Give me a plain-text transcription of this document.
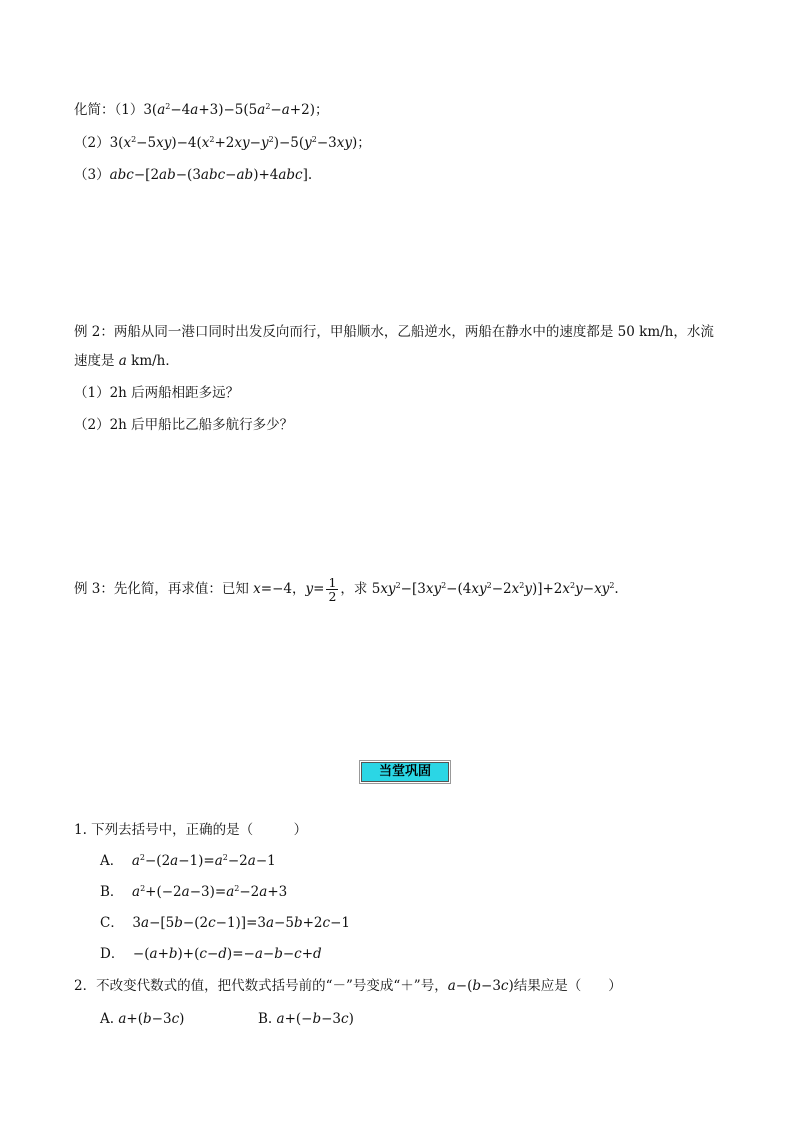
化简：$(1)3(a^2-4a+3)-5(5a^2-a+2)$；
$(2)3(x^2-5xy)-4(x^2+2xy-y^2)-5(y^2-3xy)$；
（3）abc−[2ab−(3abc−ab)+4abc].
例 2：两船从同一港口同时出发反向而行，甲船顺水，乙船逆水，两船在静水中的速度都是 50 km/h，水流
速度是 a km/h．
（1）2h 后两船相距多远？
（2）2h 后甲船比乙船多航行多少？
例 3：先化简，再求值：已知 x=−4，$y= \frac{1}{2}$ ，求 $5xy^2-[3xy^2-(4xy^2-2x^2y)]+2x^2y-xy^2$.
当堂巩固
1. 下列去括号中，正确的是（　　　）
A． $a^2-(2a-1)=a^2-2a-1$
B． $a^2+(-2a-3)=a^2-2a+3$
C．  3a−[5b−(2c−1)]=3a−5b+2c−1
D．  −(a+b)+(c−d)=−a−b−c+d
2．不改变代数式的值，把代数式括号前的“－”号变成“＋”号，a−(b−3c)结果应是（　　）
A. a+(b−3c)	B. a+(−b−3c)
